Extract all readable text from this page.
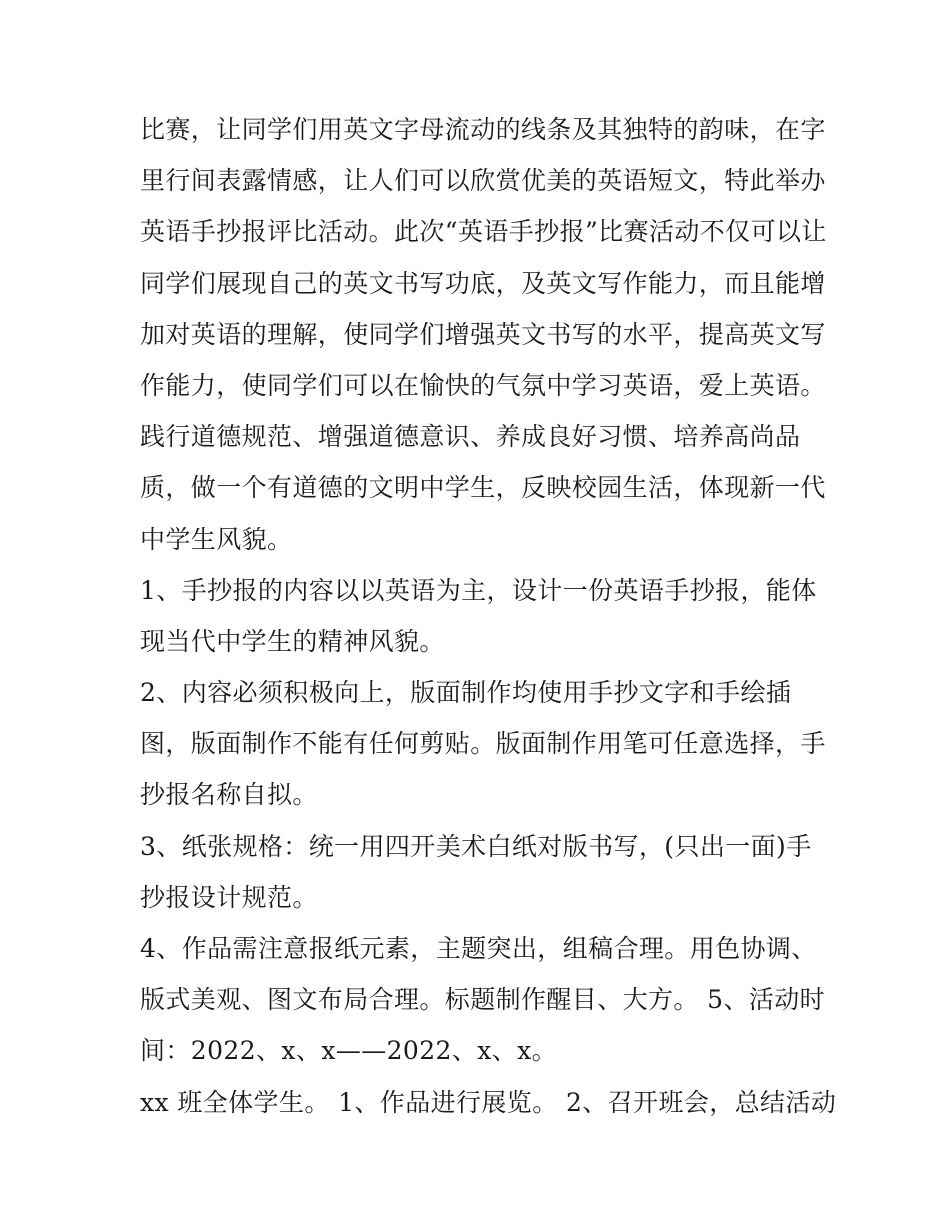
比赛，让同学们用英文字母流动的线条及其独特的韵味，在字
里行间表露情感，让人们可以欣赏优美的英语短文，特此举办
英语手抄报评比活动。此次“英语手抄报”比赛活动不仅可以让
同学们展现自己的英文书写功底，及英文写作能力，而且能增
加对英语的理解，使同学们增强英文书写的水平，提高英文写
作能力，使同学们可以在愉快的气氛中学习英语，爱上英语。
践行道德规范、增强道德意识、养成良好习惯、培养高尚品
质，做一个有道德的文明中学生，反映校园生活，体现新一代
中学生风貌。
1、手抄报的内容以以英语为主，设计一份英语手抄报，能体
现当代中学生的精神风貌。
2、内容必须积极向上，版面制作均使用手抄文字和手绘插
图，版面制作不能有任何剪贴。版面制作用笔可任意选择，手
抄报名称自拟。
3、纸张规格：统一用四开美术白纸对版书写，(只出一面)手
抄报设计规范。
4、作品需注意报纸元素，主题突出，组稿合理。用色协调、
版式美观、图文布局合理。标题制作醒目、大方。 5、活动时
间：2022、x、x——2022、x、x。
xx 班全体学生。 1、作品进行展览。 2、召开班会，总结活动
